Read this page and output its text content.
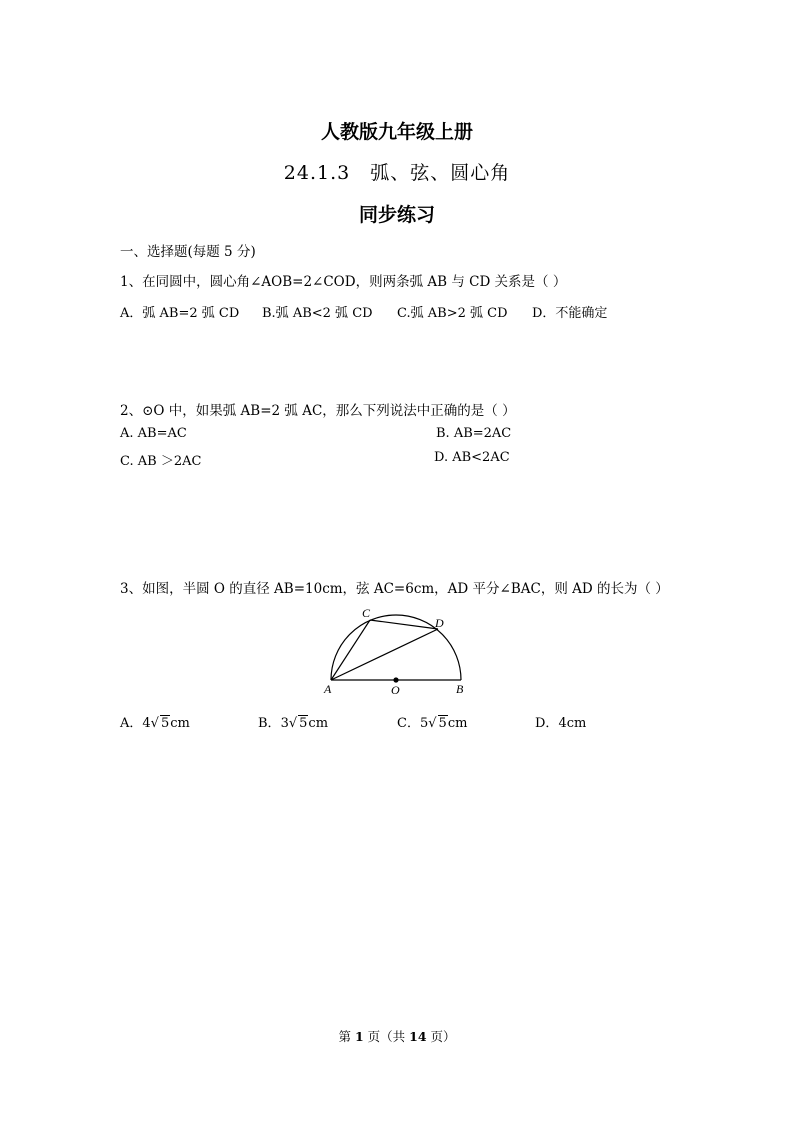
人教版九年级上册
24.1.3　弧、弦、圆心角
同步练习
一、选择题(每题 5 分)
1、在同圆中，圆心角∠AOB=2∠COD，则两条弧 AB 与 CD 关系是（ ）
A．弧 AB=2 弧 CD B.弧 AB<2 弧 CD C.弧 AB>2 弧 CD D．不能确定
2、⊙O 中，如果弧 AB=2 弧 AC，那么下列说法中正确的是（ ）
A. AB=AC	B. AB=2AC
C. AB ＞2AC	D. AB<2AC
3、如图，半圆 O 的直径 AB=10cm，弦 AC=6cm，AD 平分∠BAC，则 AD 的长为（ ）
A	B
C
D
O
A．4√ 5cm	B．3√ 5cm	C．5√ 5cm	D．4cm
第 1 页（共 14 页）
